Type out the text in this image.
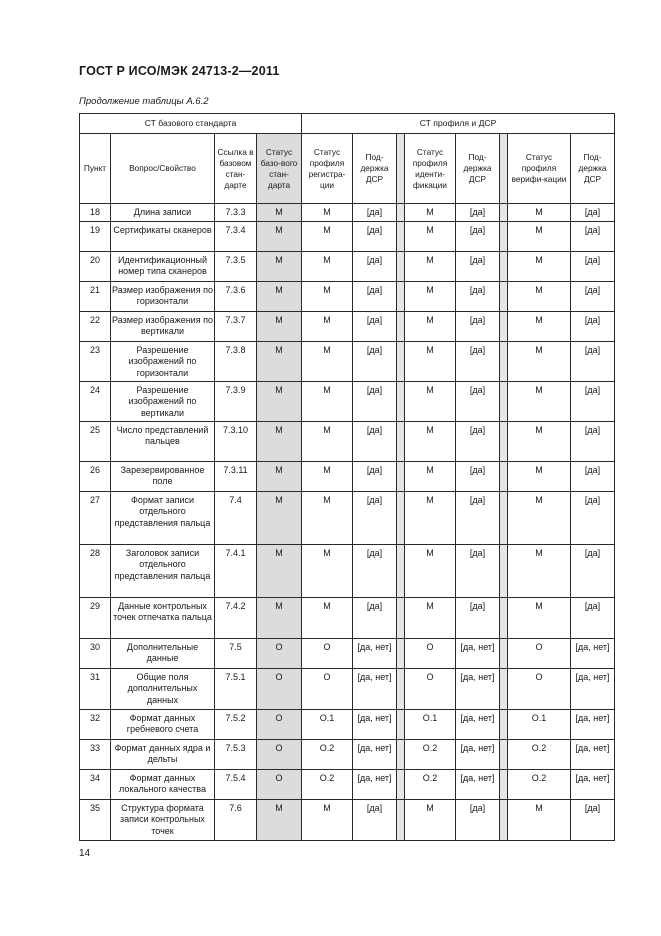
ГОСТ Р ИСО/МЭК 24713-2—2011
Продолжение таблицы А.6.2
СТ базового стандарта				СТ профиля и ДСР							
Пункт	Вопрос/Свойство	Ссылка в базовом стан-дарте	Статус базо-вого стан-дарта	Статус профиля регистра-ции	Под-держка ДСР		Статус профиля иденти-фикации	Под-держка ДСР		Статус профиля верифи-кации	Под-держка ДСР
18	Длина записи	7.3.3	M	M	[да]		M	[да]		M	[да]
19	Сертификаты сканеров	7.3.4	M	M	[да]		M	[да]		M	[да]
20	Идентификационный номер типа сканеров	7.3.5	M	M	[да]		M	[да]		M	[да]
21	Размер изображения по горизонтали	7.3.6	M	M	[да]		M	[да]		M	[да]
22	Размер изображения по вертикали	7.3.7	M	M	[да]		M	[да]		M	[да]
23	Разрешение изображений по горизонтали	7.3.8	M	M	[да]		M	[да]		M	[да]
24	Разрешение изображений по вертикали	7.3.9	M	M	[да]		M	[да]		M	[да]
25	Число представлений пальцев	7.3.10	M	M	[да]		M	[да]		M	[да]
26	Зарезервированное поле	7.3.11	M	M	[да]		M	[да]		M	[да]
27	Формат записи отдельного представления пальца	7.4	M	M	[да]		M	[да]		M	[да]
28	Заголовок записи отдельного представления пальца	7.4.1	M	M	[да]		M	[да]		M	[да]
29	Данные контрольных точек отпечатка пальца	7.4.2	M	M	[да]		M	[да]		M	[да]
30	Дополнительные данные	7.5	O	O	[да, нет]		O	[да, нет]		O	[да, нет]
31	Общие поля дополнительных данных	7.5.1	O	O	[да, нет]		O	[да, нет]		O	[да, нет]
32	Формат данных гребневого счета	7.5.2	O	O.1	[да, нет]		O.1	[да, нет]		O.1	[да, нет]
33	Формат данных ядра и дельты	7.5.3	O	O.2	[да, нет]		O.2	[да, нет]		O.2	[да, нет]
34	Формат данных локального качества	7.5.4	O	O.2	[да, нет]		O.2	[да, нет]		O.2	[да, нет]
35	Структура формата записи контрольных точек	7.6	M	M	[да]		M	[да]		M	[да]
14
